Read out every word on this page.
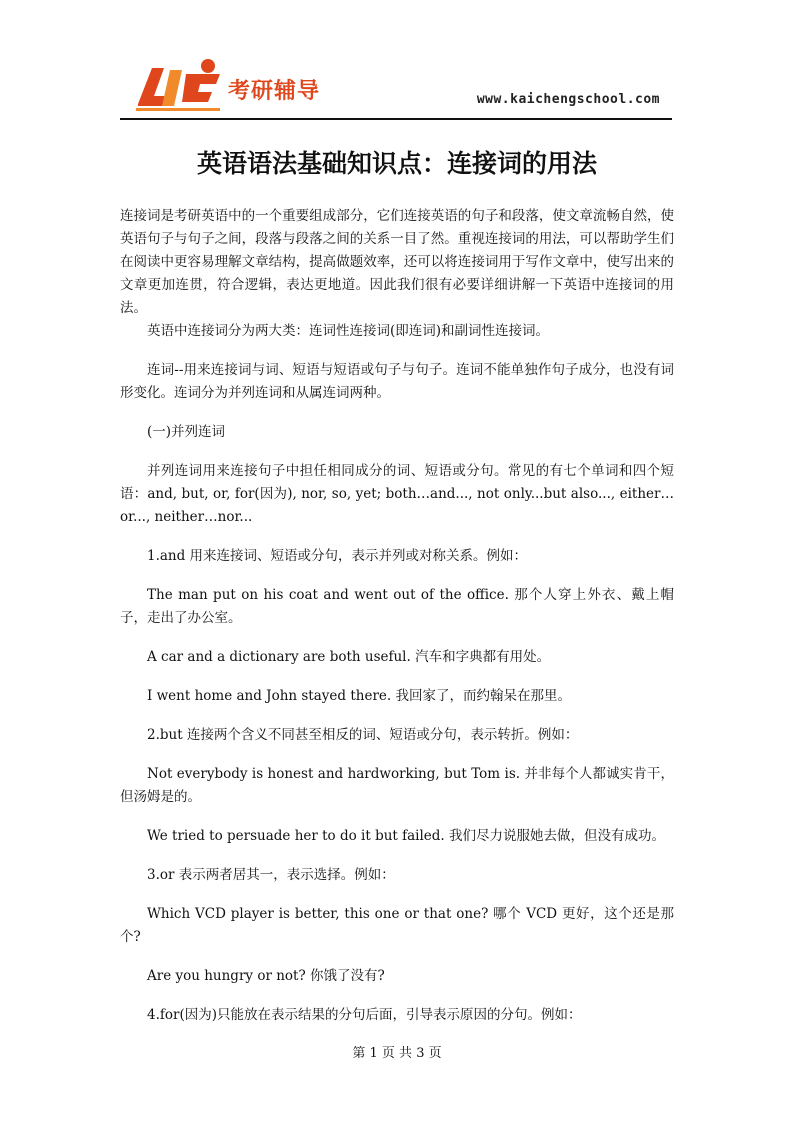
考研辅导	www.kaichengschool.com
英语语法基础知识点：连接词的用法

连接词是考研英语中的一个重要组成部分，它们连接英语的句子和段落，使文章流畅自然，使英语句子与句子之间，段落与段落之间的关系一目了然。重视连接词的用法，可以帮助学生们在阅读中更容易理解文章结构，提高做题效率，还可以将连接词用于写作文章中，使写出来的文章更加连贯，符合逻辑，表达更地道。因此我们很有必要详细讲解一下英语中连接词的用法。

英语中连接词分为两大类：连词性连接词(即连词)和副词性连接词。

连词--用来连接词与词、短语与短语或句子与句子。连词不能单独作句子成分，也没有词形变化。连词分为并列连词和从属连词两种。

(一)并列连词

并列连词用来连接句子中担任相同成分的词、短语或分句。常见的有七个单词和四个短语：and, but, or, for(因为), nor, so, yet; both…and..., not only...but also..., either…or..., neither…nor...

1.and 用来连接词、短语或分句，表示并列或对称关系。例如：

The man put on his coat and went out of the office. 那个人穿上外衣、戴上帽子，走出了办公室。

A car and a dictionary are both useful. 汽车和字典都有用处。

I went home and John stayed there. 我回家了，而约翰呆在那里。

2.but 连接两个含义不同甚至相反的词、短语或分句，表示转折。例如：

Not everybody is honest and hardworking, but Tom is. 并非每个人都诚实肯干，但汤姆是的。

We tried to persuade her to do it but failed. 我们尽力说服她去做，但没有成功。

3.or 表示两者居其一，表示选择。例如：

Which VCD player is better, this one or that one? 哪个 VCD 更好，这个还是那个?

Are you hungry or not? 你饿了没有?

4.for(因为)只能放在表示结果的分句后面，引导表示原因的分句。例如：

第 1 页 共 3 页
